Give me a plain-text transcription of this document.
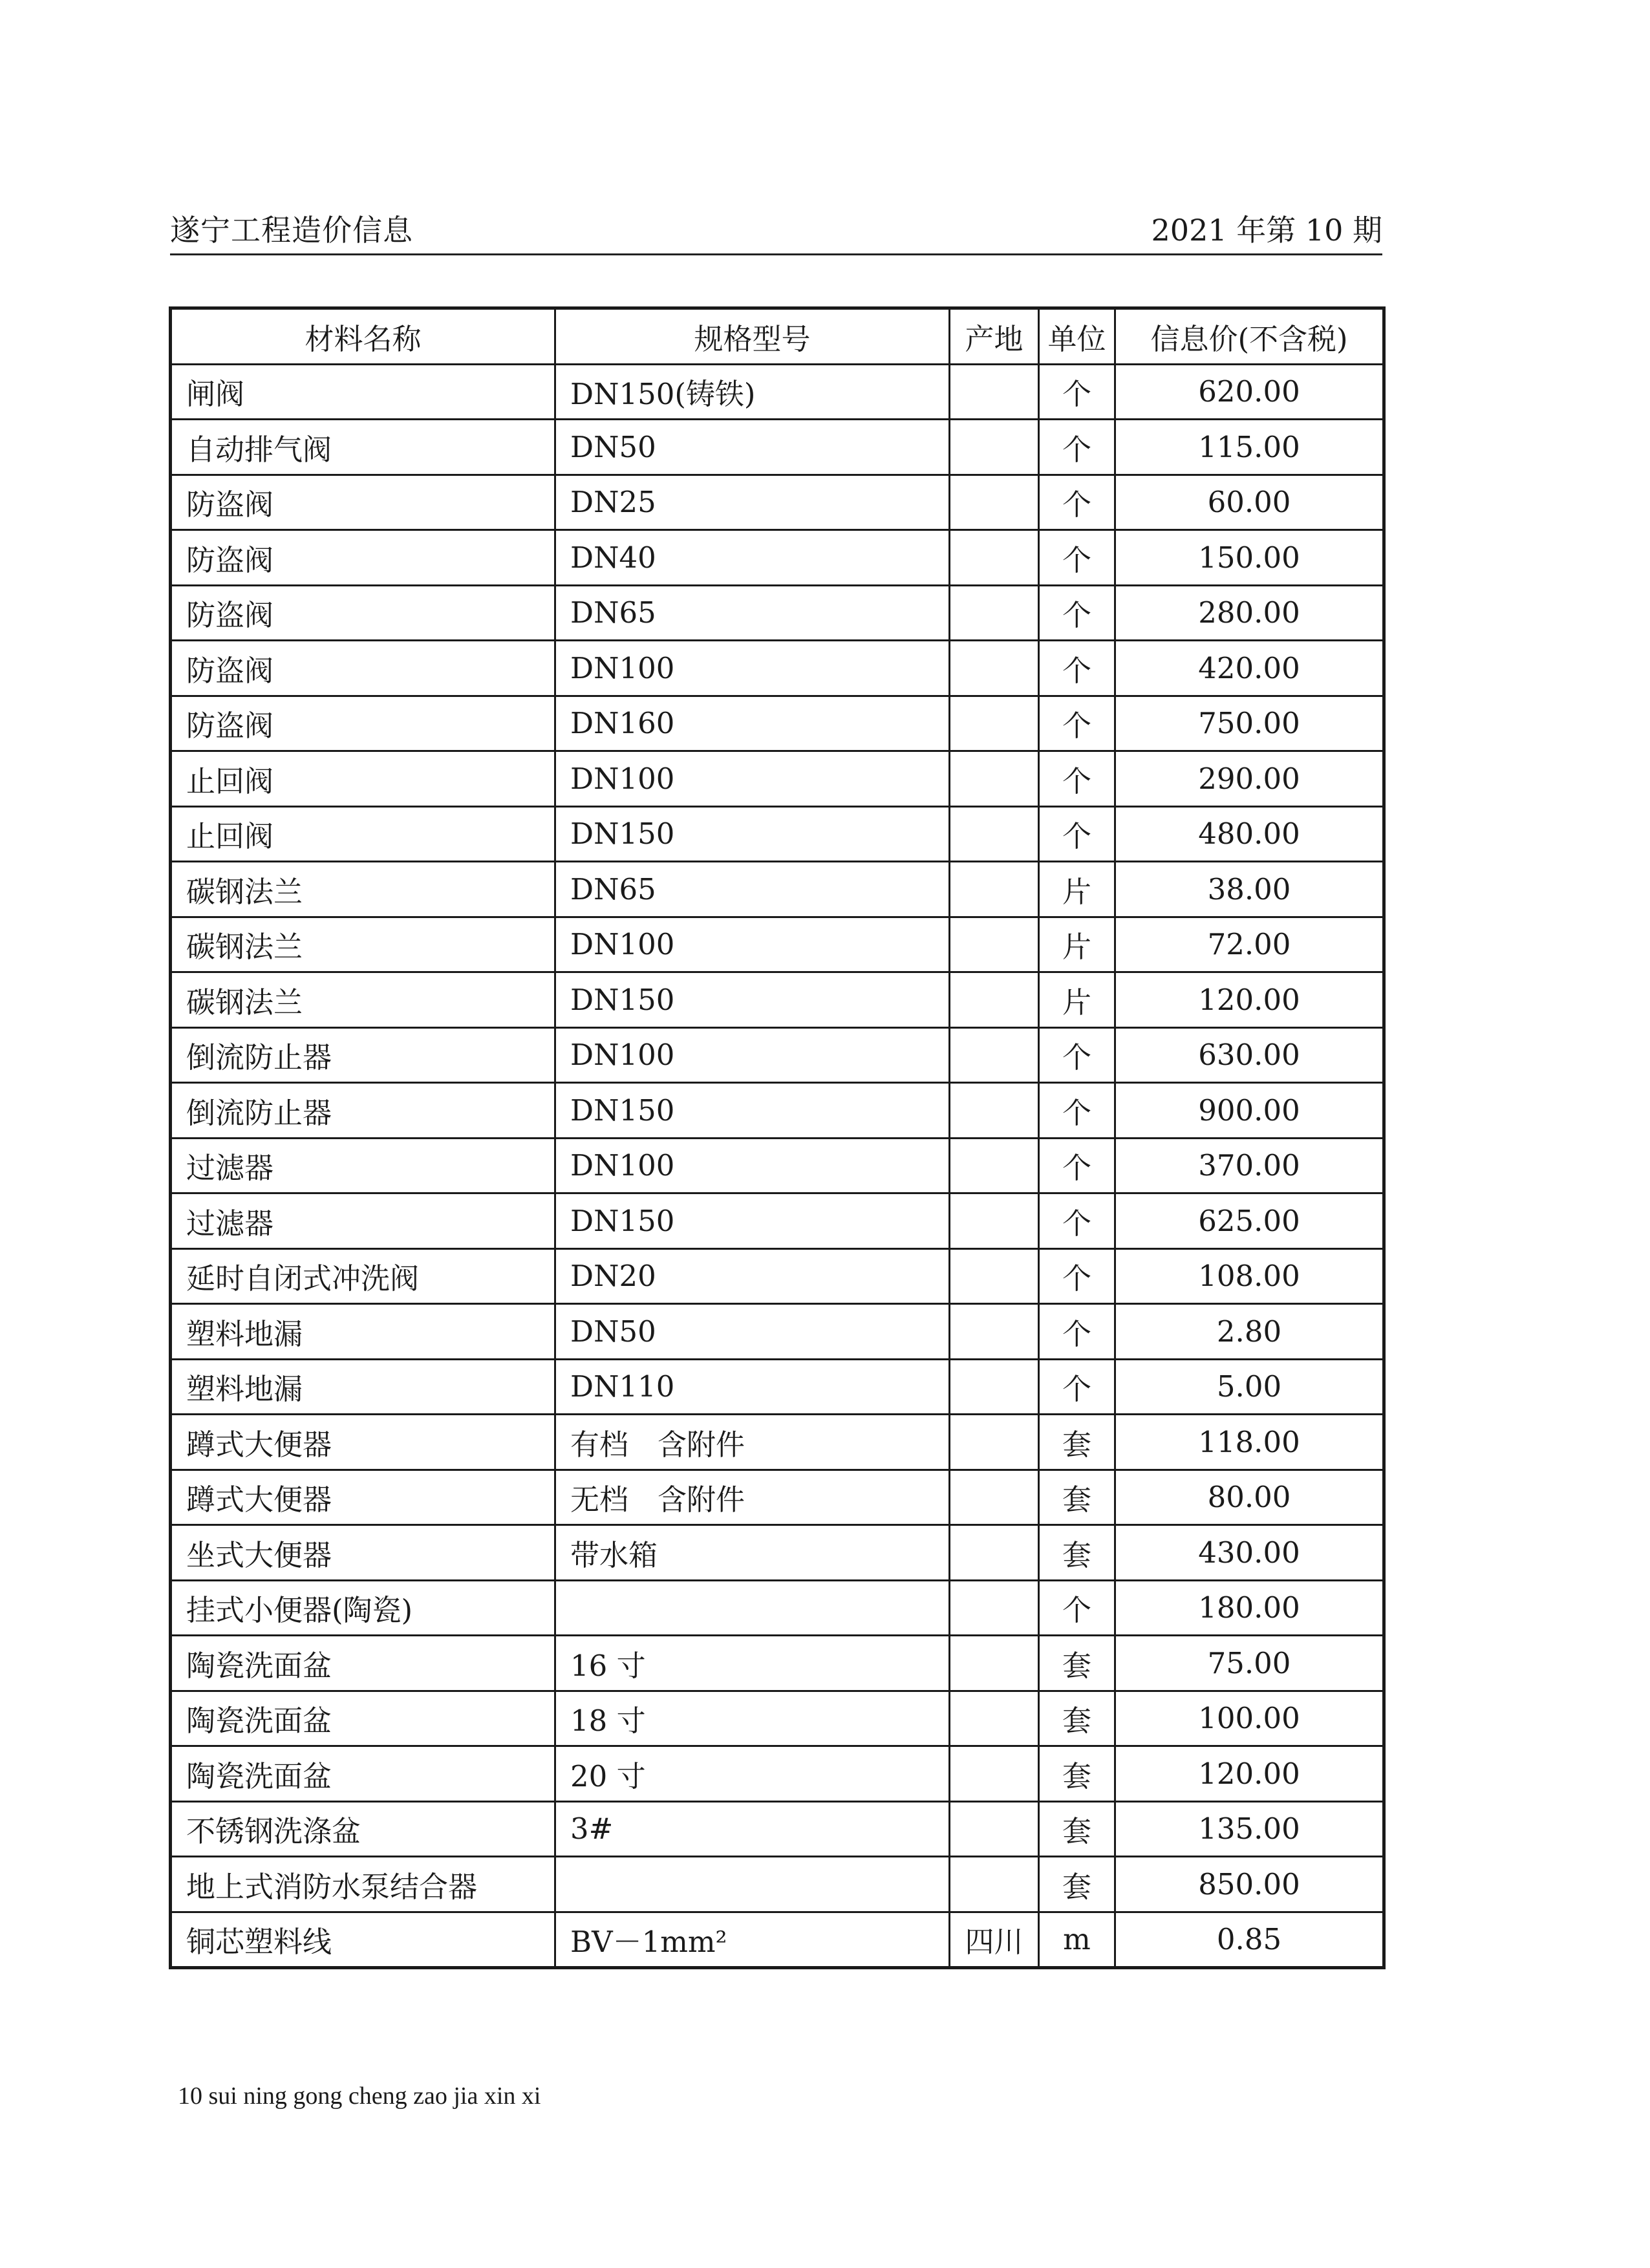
遂宁工程造价信息	2021 年第 10 期
材料名称	规格型号	产地	单位	信息价(不含税)
闸阀	DN150(铸铁)		个	620.00
自动排气阀	DN50		个	115.00
防盗阀	DN25		个	60.00
防盗阀	DN40		个	150.00
防盗阀	DN65		个	280.00
防盗阀	DN100		个	420.00
防盗阀	DN160		个	750.00
止回阀	DN100		个	290.00
止回阀	DN150		个	480.00
碳钢法兰	DN65		片	38.00
碳钢法兰	DN100		片	72.00
碳钢法兰	DN150		片	120.00
倒流防止器	DN100		个	630.00
倒流防止器	DN150		个	900.00
过滤器	DN100		个	370.00
过滤器	DN150		个	625.00
延时自闭式冲洗阀	DN20		个	108.00
塑料地漏	DN50		个	2.80
塑料地漏	DN110		个	5.00
蹲式大便器	有档　含附件		套	118.00
蹲式大便器	无档　含附件		套	80.00
坐式大便器	带水箱		套	430.00
挂式小便器(陶瓷)			个	180.00
陶瓷洗面盆	16 寸		套	75.00
陶瓷洗面盆	18 寸		套	100.00
陶瓷洗面盆	20 寸		套	120.00
不锈钢洗涤盆	3#		套	135.00
地上式消防水泵结合器			套	850.00
铜芯塑料线	BV－1mm²	四川	m	0.85
10 sui ning gong cheng zao jia xin xi
